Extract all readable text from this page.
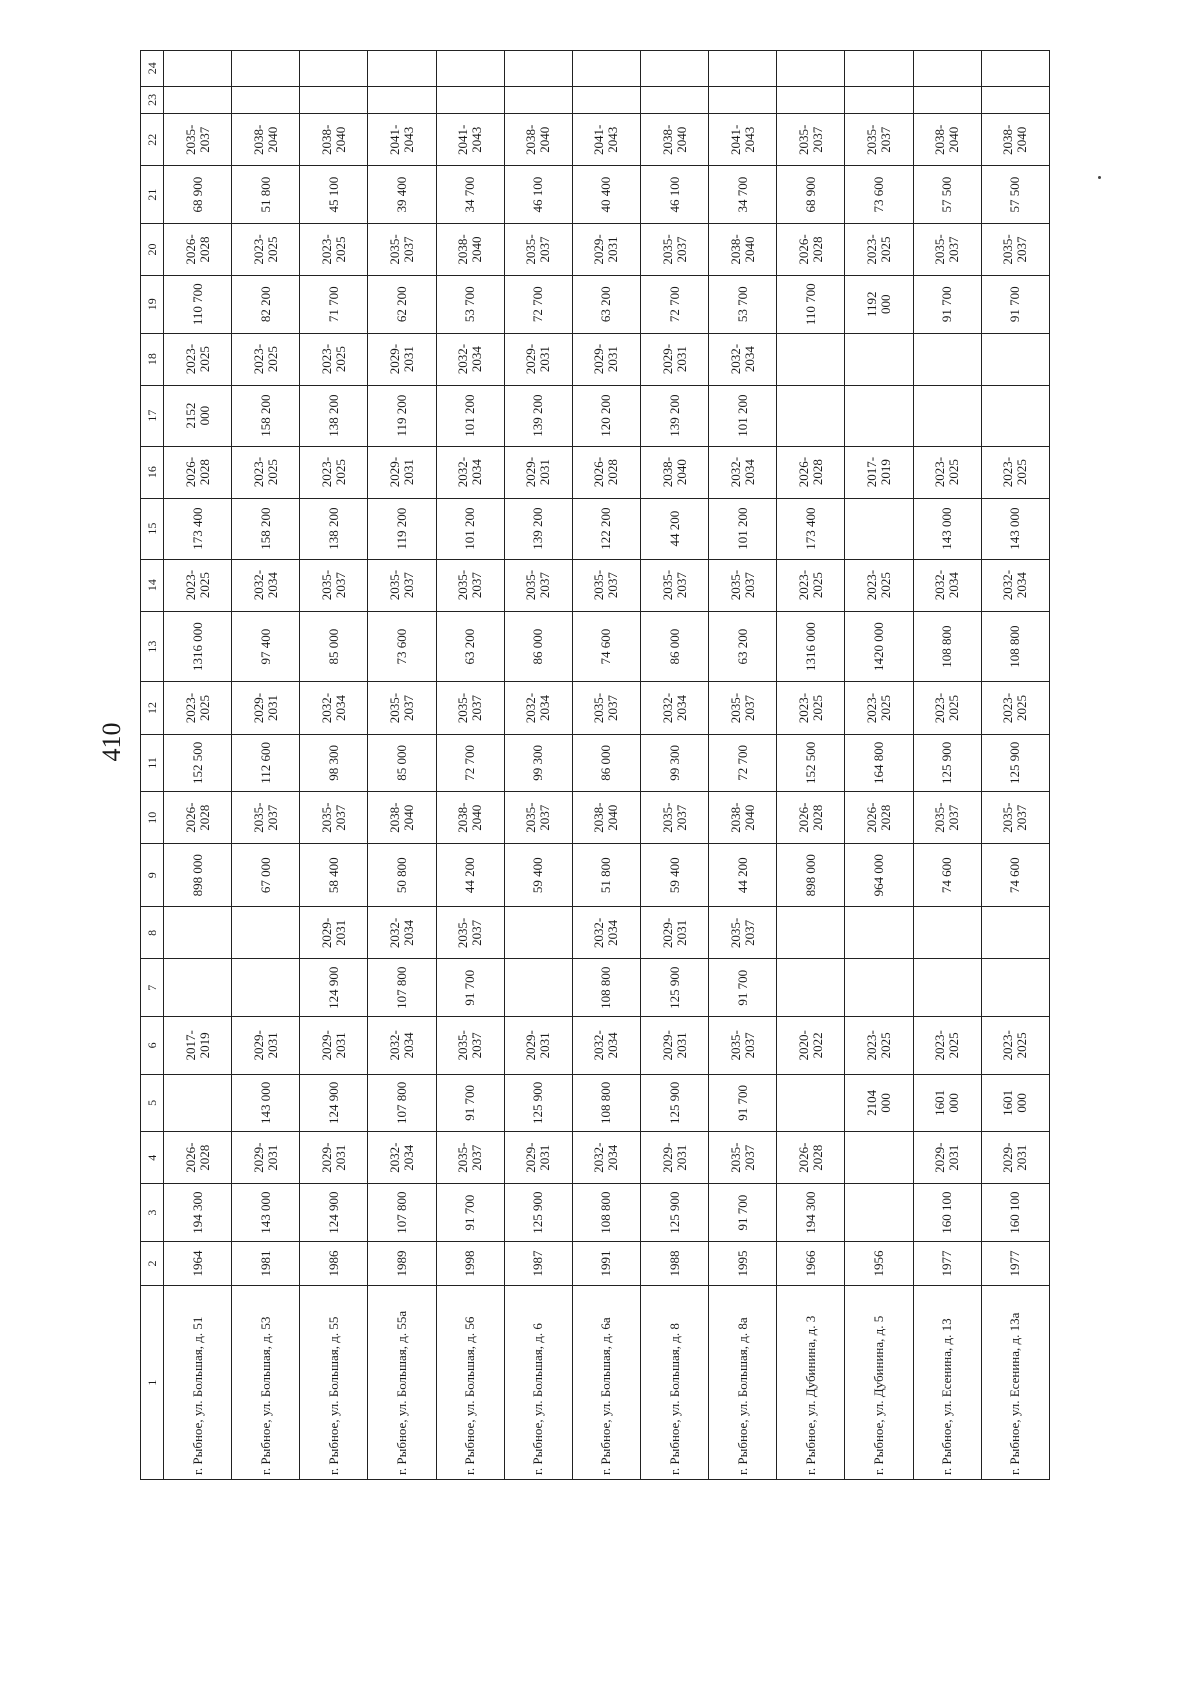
410
1	2	3	4	5	6	7	8	9	10	11	12	13	14	15	16	17	18	19	20	21	22	23	24
г. Рыбное, ул. Большая, д. 51	1964	194 300	2026-
2028		2017-
2019			898 000	2026-
2028	152 500	2023-
2025	1316 000	2023-
2025	173 400	2026-
2028	2152
000	2023-
2025	110 700	2026-
2028	68 900	2035-
2037		
г. Рыбное, ул. Большая, д. 53	1981	143 000	2029-
2031	143 000	2029-
2031			67 000	2035-
2037	112 600	2029-
2031	97 400	2032-
2034	158 200	2023-
2025	158 200	2023-
2025	82 200	2023-
2025	51 800	2038-
2040		
г. Рыбное, ул. Большая, д. 55	1986	124 900	2029-
2031	124 900	2029-
2031	124 900	2029-
2031	58 400	2035-
2037	98 300	2032-
2034	85 000	2035-
2037	138 200	2023-
2025	138 200	2023-
2025	71 700	2023-
2025	45 100	2038-
2040		
г. Рыбное, ул. Большая, д. 55а	1989	107 800	2032-
2034	107 800	2032-
2034	107 800	2032-
2034	50 800	2038-
2040	85 000	2035-
2037	73 600	2035-
2037	119 200	2029-
2031	119 200	2029-
2031	62 200	2035-
2037	39 400	2041-
2043		
г. Рыбное, ул. Большая, д. 56	1998	91 700	2035-
2037	91 700	2035-
2037	91 700	2035-
2037	44 200	2038-
2040	72 700	2035-
2037	63 200	2035-
2037	101 200	2032-
2034	101 200	2032-
2034	53 700	2038-
2040	34 700	2041-
2043		
г. Рыбное, ул. Большая, д. 6	1987	125 900	2029-
2031	125 900	2029-
2031			59 400	2035-
2037	99 300	2032-
2034	86 000	2035-
2037	139 200	2029-
2031	139 200	2029-
2031	72 700	2035-
2037	46 100	2038-
2040		
г. Рыбное, ул. Большая, д. 6а	1991	108 800	2032-
2034	108 800	2032-
2034	108 800	2032-
2034	51 800	2038-
2040	86 000	2035-
2037	74 600	2035-
2037	122 200	2026-
2028	120 200	2029-
2031	63 200	2029-
2031	40 400	2041-
2043		
г. Рыбное, ул. Большая, д. 8	1988	125 900	2029-
2031	125 900	2029-
2031	125 900	2029-
2031	59 400	2035-
2037	99 300	2032-
2034	86 000	2035-
2037	44 200	2038-
2040	139 200	2029-
2031	72 700	2035-
2037	46 100	2038-
2040		
г. Рыбное, ул. Большая, д. 8а	1995	91 700	2035-
2037	91 700	2035-
2037	91 700	2035-
2037	44 200	2038-
2040	72 700	2035-
2037	63 200	2035-
2037	101 200	2032-
2034	101 200	2032-
2034	53 700	2038-
2040	34 700	2041-
2043		
г. Рыбное, ул. Дубинина, д. 3	1966	194 300	2026-
2028		2020-
2022			898 000	2026-
2028	152 500	2023-
2025	1316 000	2023-
2025	173 400	2026-
2028			110 700	2026-
2028	68 900	2035-
2037		
г. Рыбное, ул. Дубинина, д. 5	1956			2104
000	2023-
2025			964 000	2026-
2028	164 800	2023-
2025	1420 000	2023-
2025		2017-
2019			1192
000	2023-
2025	73 600	2035-
2037		
г. Рыбное, ул. Есенина, д. 13	1977	160 100	2029-
2031	1601
000	2023-
2025			74 600	2035-
2037	125 900	2023-
2025	108 800	2032-
2034	143 000	2023-
2025			91 700	2035-
2037	57 500	2038-
2040		
г. Рыбное, ул. Есенина, д. 13а	1977	160 100	2029-
2031	1601
000	2023-
2025			74 600	2035-
2037	125 900	2023-
2025	108 800	2032-
2034	143 000	2023-
2025			91 700	2035-
2037	57 500	2038-
2040		
